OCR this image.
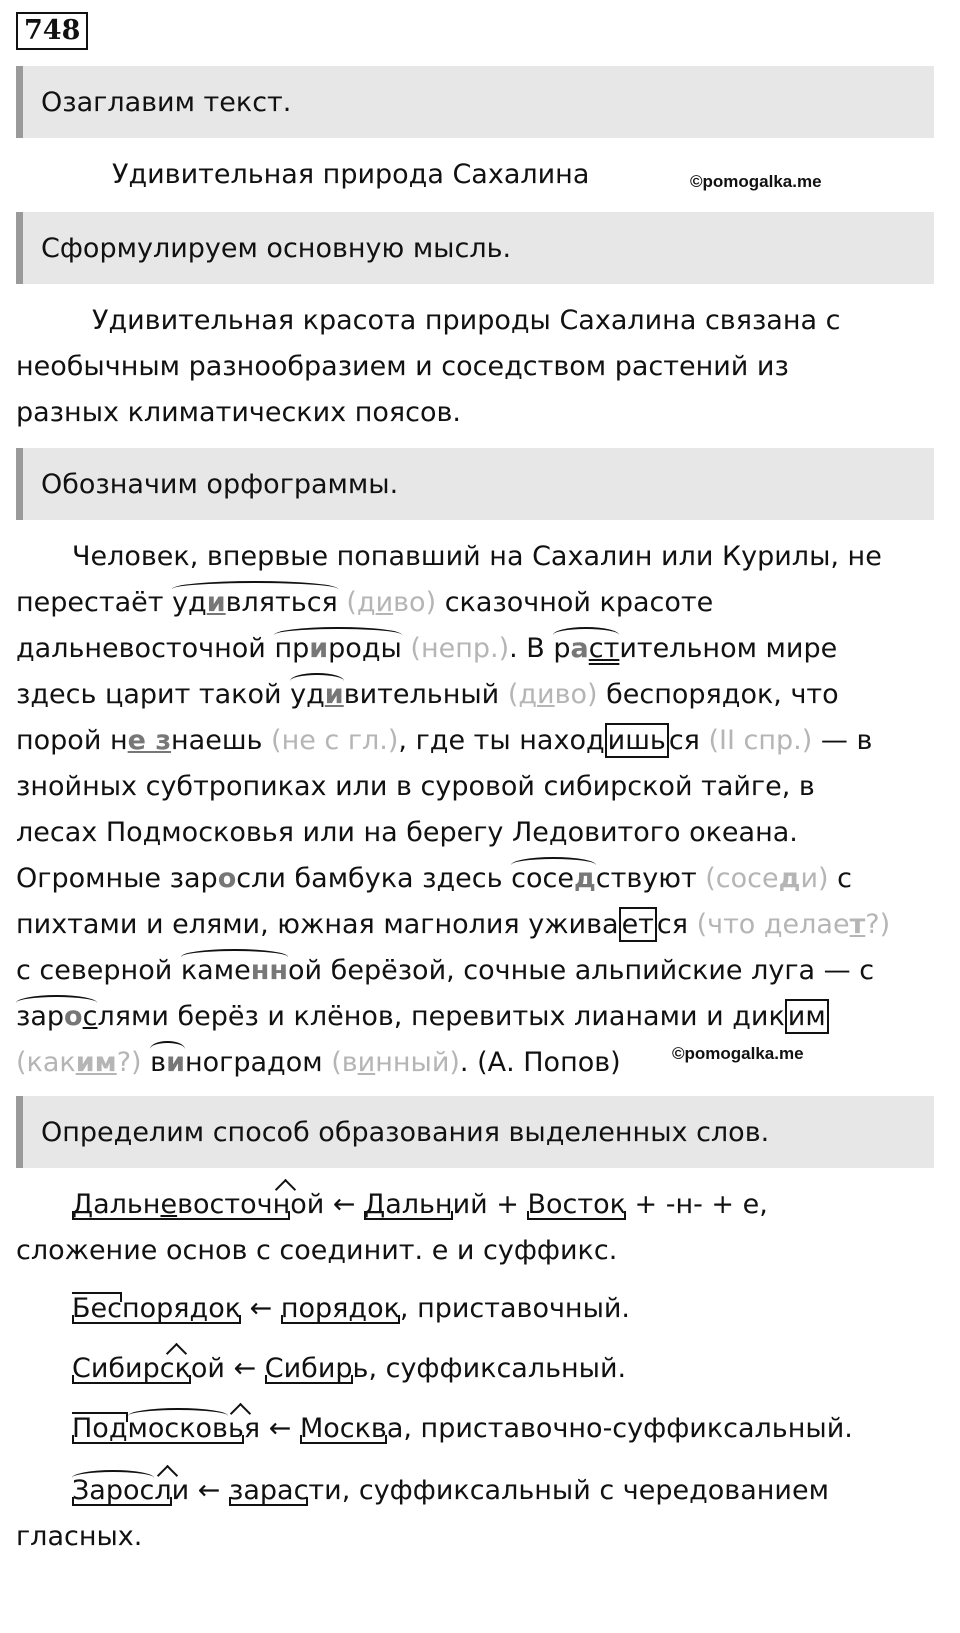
748
Озаглавим текст.
Удивительная природа Сахалина	©pomogalka.me
Сформулируем основную мысль.
Удивительная красота природы Сахалина связана с
необычным разнообразием и соседством растений из
разных климатических поясов.
Обозначим орфограммы.
Человек, впервые попавший на Сахалин или Курилы, не
перестаёт удивляться (диво) сказочной красоте
дальневосточной природы (непр.). В растительном мире
здесь царит такой удивительный (диво) беспорядок, что
порой не знаешь (не с гл.), где ты наход ишь ся (II спр.) — в
знойных субтропиках или в суровой сибирской тайге, в
лесах Подмосковья или на берегу Ледовитого океана.
Огромные заросли бамбука здесь соседствуют (соседи) с
пихтами и елями, южная магнолия уживa ет ся (что делает?)
с северной каменной берёзой, сочные альпийские луга — с
зарослями берёз и клёнов, перевитых лианами и дик им
(каким?) виноградом (винный). (А. Попов)	©pomogalka.me
Определим способ образования выделенных слов.
Дальневосточной ← Дальний + Восток + -н- + е,
сложение основ с соединит. е и суффикс.
Беспорядок ← порядок, приставочный.
Сибирской ← Сибирь, суффиксальный.
Подмосковья ← Москва, приставочно-суффиксальный.
Заросли ← зарасти, суффиксальный с чередованием
гласных.
